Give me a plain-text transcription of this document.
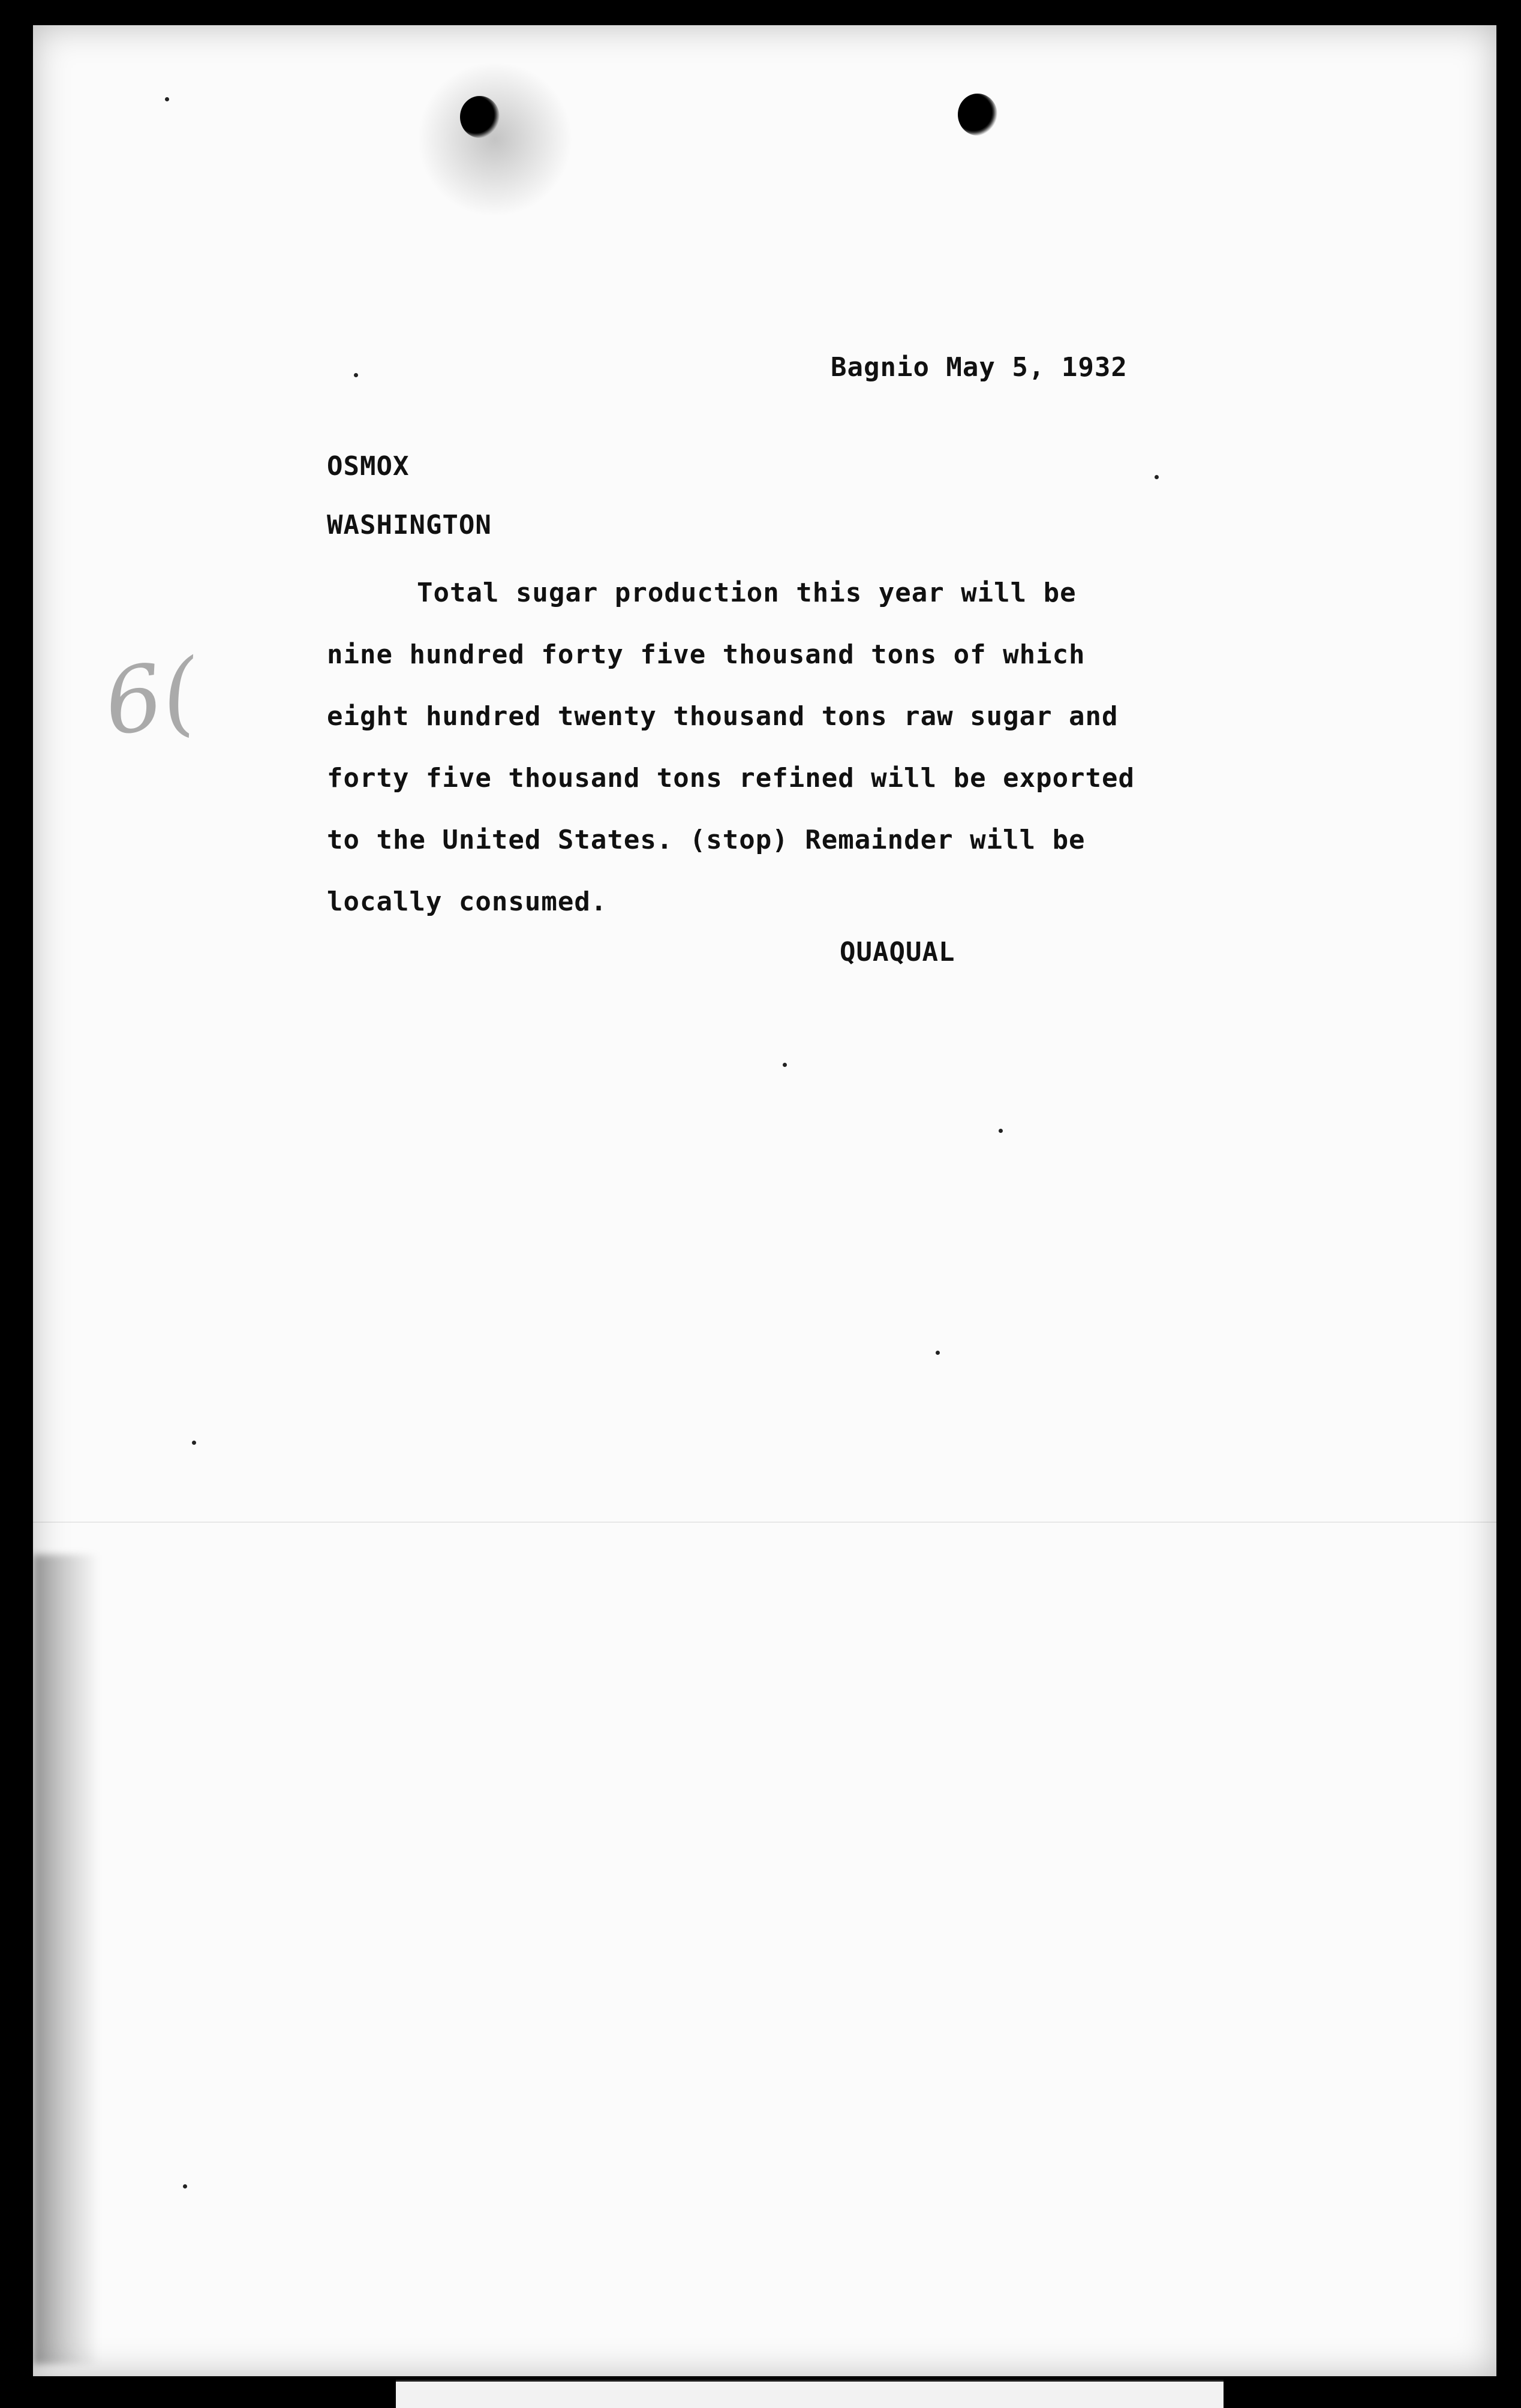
Bagnio May 5, 1932
OSMOX
WASHINGTON
Total sugar production this year will be
nine hundred forty five thousand tons of which
eight hundred twenty thousand tons raw sugar and
forty five thousand tons refined will be exported
to the United States. (stop) Remainder will be
locally consumed.
QUAQUAL
6(
